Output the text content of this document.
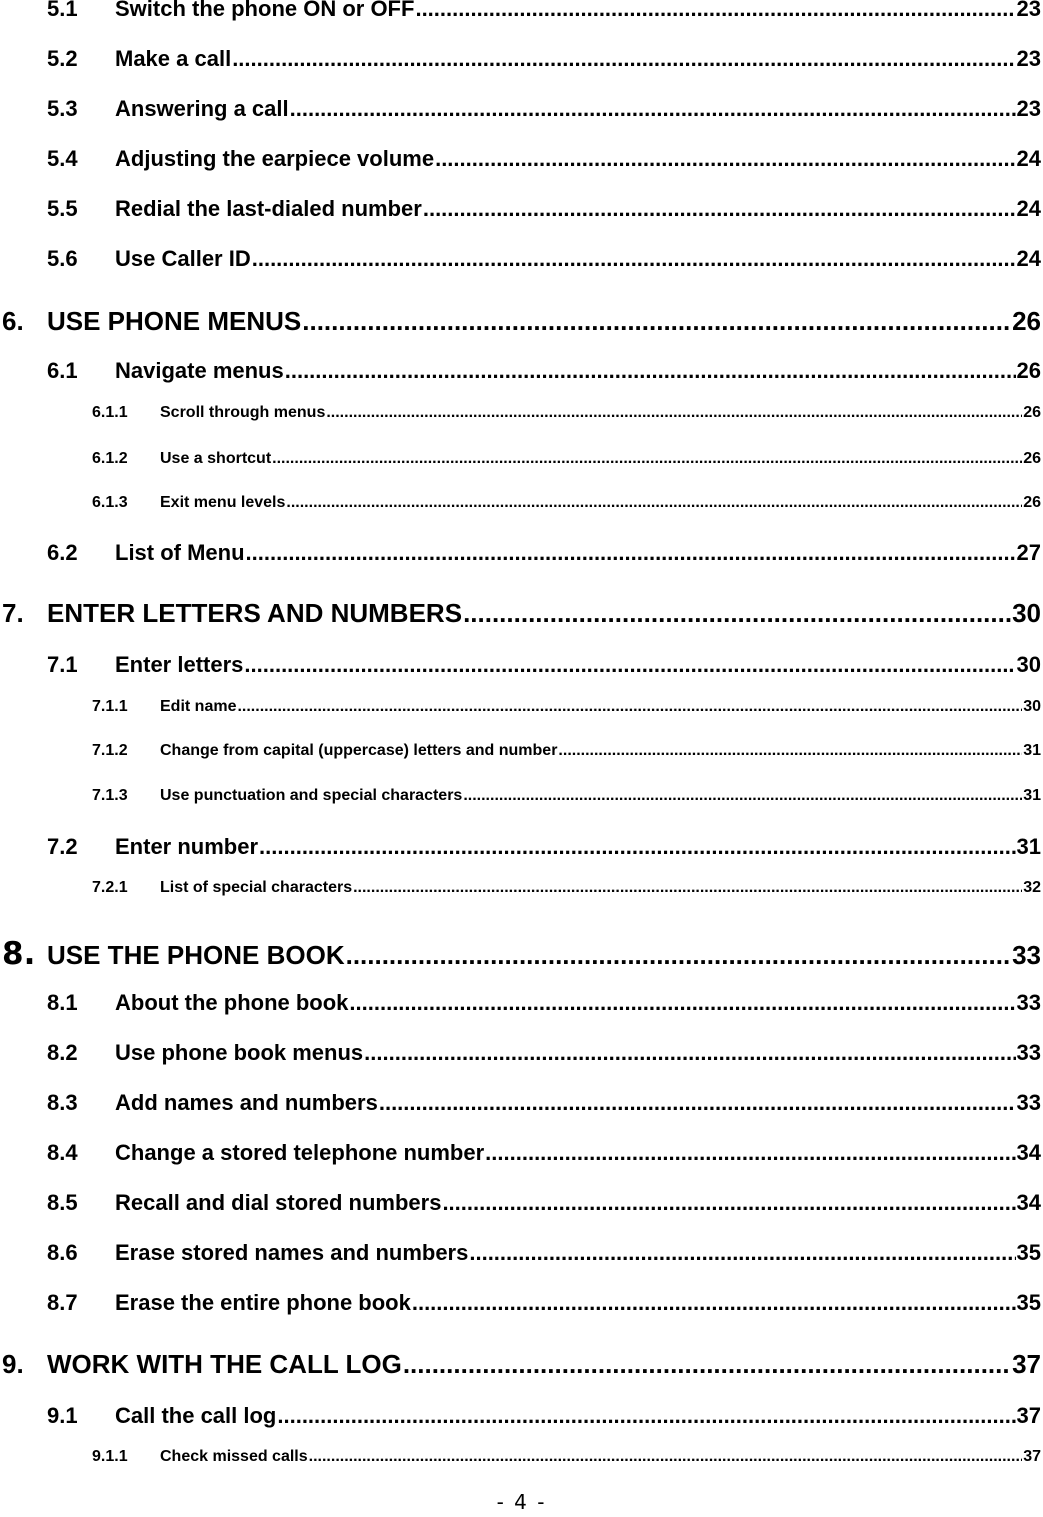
5.1	Switch the phone ON or OFF .....	23
5.2	Make a call .....	23
5.3	Answering a call .....	23
5.4	Adjusting the earpiece volume .....	24
5.5	Redial the last-dialed number .....	24
5.6	Use Caller ID .....	24
6. USE PHONE MENUS .....	26
6.1	Navigate menus .....	26
6.1.1	Scroll through menus .....	26
6.1.2	Use a shortcut .....	26
6.1.3	Exit menu levels .....	26
6.2	List of Menu .....	27
7. ENTER LETTERS AND NUMBERS .....	30
7.1	Enter letters .....	30
7.1.1	Edit name .....	30
7.1.2	Change from capital (uppercase) letters and number .....	31
7.1.3	Use punctuation and special characters .....	31
7.2	Enter number .....	31
7.2.1	List of special characters .....	32
8. USE THE PHONE BOOK .....	33
8.1	About the phone book .....	33
8.2	Use phone book menus .....	33
8.3	Add names and numbers .....	33
8.4	Change a stored telephone number .....	34
8.5	Recall and dial stored numbers .....	34
8.6	Erase stored names and numbers .....	35
8.7	Erase the entire phone book .....	35
9. WORK WITH THE CALL LOG .....	37
9.1	Call the call log .....	37
9.1.1	Check missed calls .....	37
- 4 -
